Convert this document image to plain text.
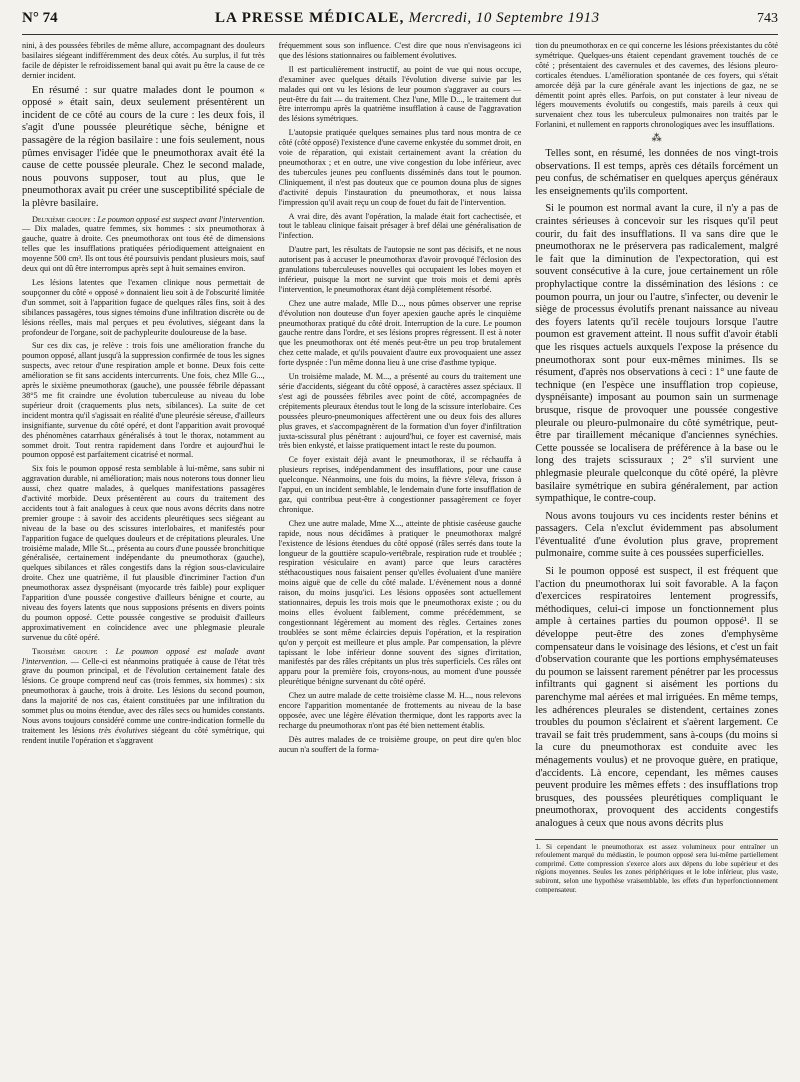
N° 74	LA PRESSE MÉDICALE, Mercredi, 10 Septembre 1913	743

nini, à des poussées fébriles de même allure, accompagnant des douleurs basilaires siégeant indifféremment des deux côtés. Au surplus, il fut très facile de dépister le refroidissement banal qui avait pu être la cause de ce dernier incident.

En résumé : sur quatre malades dont le poumon « opposé » était sain, deux seulement présentèrent un incident de ce côté au cours de la cure : les deux fois, il s'agit d'une poussée pleurétique sèche, bénigne et passagère de la région basilaire : une fois seulement, nous pûmes envisager l'idée que le pneumothorax avait été la cause de cette poussée pleurale. Chez le second malade, nous pouvons supposer, tout au plus, que le pneumothorax avait pu créer une susceptibilité spéciale de la plèvre basilaire.

Deuxième groupe : Le poumon opposé est suspect avant l'intervention. — Dix malades, quatre femmes, six hommes : six pneumothorax à gauche, quatre à droite. Ces pneumothorax ont tous été de dimensions telles que les insufflations pratiquées périodiquement atteignaient en moyenne 500 cm³. Ils ont tous été poursuivis pendant plusieurs mois, sauf deux qui ont dû être interrompus après sept à huit semaines environ.

Les lésions latentes que l'examen clinique nous permettait de soupçonner du côté « opposé » donnaient lieu soit à de l'obscurité limitée d'un sommet, soit à l'apparition fugace de quelques râles fins, soit à des sibilances passagères, tous signes témoins d'une infiltration discrète ou de lésions réelles, mais mal perçues et peu évolutives, siégeant dans la profondeur de l'organe, soit de pachypleurite douloureuse de la base.

Sur ces dix cas, je relève : trois fois une amélioration franche du poumon opposé, allant jusqu'à la suppression confirmée de tous les signes suspects, avec retour d'une respiration ample et bonne. Deux fois cette amélioration se fit sans accidents intercurrents. Une fois, chez Mlle G..., après le sixième pneumothorax (gauche), une poussée fébrile dépassant 38°5 me fit craindre une évolution tuberculeuse au niveau du lobe supérieur droit (craquements plus nets, sibilances). La suite de cet incident montra qu'il s'agissait en réalité d'une pleurésie séreuse, d'ailleurs insignifiante, survenue du côté opéré, et dont l'apparition avait provoqué des phénomènes catarrhaux généralisés à tout le thorax, notamment au sommet droit. Tout rentra rapidement dans l'ordre et aujourd'hui le poumon opposé est parfaitement cicatrisé et normal.

Six fois le poumon opposé resta semblable à lui-même, sans subir ni aggravation durable, ni amélioration; mais nous noterons tous donner lieu aussi, chez quatre malades, à quelques manifestations passagères d'activité morbide. Deux présentèrent au cours du traitement des accidents tout à fait analogues à ceux que nous avons décrits dans notre premier groupe : à savoir des accidents pleurétiques secs siégeant au niveau de la base ou des scissures interlobaires, et manifestés pour l'apparition fugace de quelques douleurs et de crépitations pleurales. Une troisième malade, Mlle St..., présenta au cours d'une poussée bronchitique généralisée, certainement indépendante du pneumothorax (gauche), quelques sibilances et râles congestifs dans la région sous-claviculaire droite. Chez une quatrième, il fut plausible d'incriminer l'action d'un pneumothorax assez dyspnéisant (myocarde très faible) pour expliquer l'apparition d'une poussée congestive d'ailleurs bénigne et courte, au niveau des foyers latents que nous supposions présents en divers points du poumon opposé. Cette poussée congestive se produisit d'ailleurs approximativement en coïncidence avec une phlegmasie pleurale survenue du côté opéré.

Troisième groupe : Le poumon opposé est malade avant l'intervention. — Celle-ci est néanmoins pratiquée à cause de l'état très grave du poumon principal, et de l'évolution certainement fatale des lésions. Ce groupe comprend neuf cas (trois femmes, six hommes) : six pneumothorax à gauche, trois à droite. Les lésions du second poumon, dans la majorité de nos cas, étaient constituées par une infiltration du sommet plus ou moins étendue, avec des râles secs ou humides constants. Nous avons toujours considéré comme une contre-indication formelle du traitement les lésions très évolutives siégeant du côté symétrique, qui rendent inutile l'opération et s'aggravent

fréquemment sous son influence. C'est dire que nous n'envisageons ici que des lésions stationnaires ou faiblement évolutives.

Il est particulièrement instructif, au point de vue qui nous occupe, d'examiner avec quelques détails l'évolution diverse suivie par les malades qui ont vu les lésions de leur poumon s'aggraver au cours — peut-être du fait — du traitement. Chez l'une, Mlle D..., le traitement dut être interrompu après la quatrième insufflation à cause de l'aggravation des lésions symétriques.

L'autopsie pratiquée quelques semaines plus tard nous montra de ce côté (côté opposé) l'existence d'une caverne enkystée du sommet droit, en voie de réparation, qui existait certainement avant la création du pneumothorax ; et en outre, une vive congestion du lobe inférieur, avec des tubercules jeunes peu confluents disséminés dans tout le poumon. Cliniquement, il n'est pas douteux que ce poumon douna plus de signes d'activité depuis l'instauration du pneumothorax, et nous laissa l'impression qu'il avait reçu un coup de fouet du fait de l'intervention.

A vrai dire, dès avant l'opération, la malade était fort cachectisée, et tout le tableau clinique faisait présager à bref délai une généralisation de l'infection.

D'autre part, les résultats de l'autopsie ne sont pas décisifs, et ne nous autorisent pas à accuser le pneumothorax d'avoir provoqué l'éclosion des granulations tuberculeuses nouvelles qui occupaient les lobes moyen et inférieur, puisque la mort ne survint que trois mois et demi après l'intervention, le pneumothorax étant déjà complètement résorbé.

Chez une autre malade, Mlle D..., nous pûmes observer une reprise d'évolution non douteuse d'un foyer apexien gauche après le cinquième pneumothorax pratiqué du côté droit. Interruption de la cure. Le poumon gauche rentre dans l'ordre, et ses lésions propres régressent. Il est à noter que les pneumothorax ont été menés peut-être un peu trop brutalement chez cette malade, et qu'ils pouvaient d'autre eux provoquaient une assez forte dyspnée : l'un même donna lieu à une crise d'asthme typique.

Un troisième malade, M. M..., a présenté au cours du traitement une série d'accidents, siégeant du côté opposé, à caractères assez spéciaux. Il s'est agi de poussées fébriles avec point de côté, accompagnées de crépitements pleuraux étendus tout le long de la scissure interlobaire. Ces poussées pleuro-pneumoniques affectèrent une ou deux fois des allures plus graves, et s'accompagnèrent de la formation d'un foyer d'infiltration juxta-scissural plus pénétrant : aujourd'hui, ce foyer est cavernisé, mais très bien enkysté, et laisse pratiquement intact le reste du poumon.

Ce foyer existait déjà avant le pneumothorax, il se réchauffa à plusieurs reprises, indépendamment des insufflations, pour une cause quelconque. Néanmoins, une fois du moins, la fièvre s'éleva, frisson à l'appui, en un incident semblable, le lendemain d'une forte insufflation de gaz, qui contribua peut-être à congestionner passagèrement ce foyer chronique.

Chez une autre malade, Mme X..., atteinte de phtisie caséeuse gauche rapide, nous nous décidâmes à pratiquer le pneumothorax malgré l'existence de lésions étendues du côté opposé (râles serrés dans toute la longueur de la gouttière scapulo-vertébrale, respiration rude et troublée ; respiration vésiculaire en avant) parce que leurs caractères stéthacoustiques nous faisaient penser qu'elles évoluaient d'une manière moins aiguë que de celle du côté malade. L'évènement nous a donné raison, du moins jusqu'ici. Les lésions opposées sont actuellement stationnaires, depuis les trois mois que le pneumothorax existe ; ou du moins elles évoluent faiblement, comme précédemment, se congestionnant légèrement au moment des règles. Certaines zones troublées se sont même éclaircies depuis l'opération, et la respiration qu'on y perçoit est meilleure et plus ample. Par compensation, la plèvre tapissant le lobe inférieur donne souvent des signes d'irritation, manifestés par des râles crépitants un plus très superficiels. Ces râles ont apparu pour la première fois, croyons-nous, au moment d'une poussée pleurétique bénigne survenant du côté opéré.

Chez un autre malade de cette troisième classe M. H..., nous relevons encore l'apparition momentanée de frottements au niveau de la base opposée, avec une légère élévation thermique, dont les rapports avec la recharge du pneumothorax n'ont pas été bien nettement établis.

Dès autres malades de ce troisième groupe, on peut dire qu'en bloc aucun n'a souffert de la forma-

tion du pneumothorax en ce qui concerne les lésions préexistantes du côté symétrique. Quelques-uns étaient cependant gravement touchés de ce côté ; présentaient des cavernules et des cavernes, des lésions pleuro-corticales étendues. L'amélioration spontanée de ces foyers, qui s'était amorcée déjà par la cure générale avant les injections de gaz, ne se démentit point après elles. Parfois, on put constater à leur niveau de légers mouvements évolutifs ou congestifs, mais pareils à ceux qui survenaient chez tous les tuberculeux pulmonaires non traités par le Forlanini, et nullement en rapports chronologiques avec les insufflations.

⁂

Telles sont, en résumé, les données de nos vingt-trois observations. Il est temps, après ces détails forcément un peu confus, de schématiser en quelques aperçus généraux les enseignements qu'ils comportent.

Si le poumon est normal avant la cure, il n'y a pas de craintes sérieuses à concevoir sur les risques qu'il peut courir, du fait des insufflations. Il va sans dire que le pneumothorax ne le préservera pas radicalement, malgré le fait que la diminution de l'expectoration, qui est souvent consécutive à la cure, joue certainement un rôle prophylactique contre la dissémination des lésions : ce poumon pourra, un jour ou l'autre, s'infecter, ou devenir le siège de processus évolutifs prenant naissance au niveau des foyers latents qu'il recèle toujours lorsque l'autre poumon est gravement atteint. Il nous suffit d'avoir établi que les risques actuels auxquels l'expose la présence du pneumothorax sont pour eux-mêmes minimes. Ils se résument, d'après nos observations à ceci : 1° une faute de technique (en l'espèce une insufflation trop copieuse, dyspnéisante) imposant au poumon sain un surmenage brusque, risque de provoquer une poussée congestive pleurale ou pleuro-pulmonaire du côté symétrique, peut-être par tiraillement mécanique d'anciennes synéchies. Cette poussée se localisera de préférence à la base ou le long des trajets scissuraux ; 2° s'il survient une phlegmasie pleurale quelconque du côté opéré, la plèvre basilaire symétrique en subira généralement, par action sympathique, le contre-coup.

Nous avons toujours vu ces incidents rester bénins et passagers. Cela n'exclut évidemment pas absolument l'éventualité d'une évolution plus grave, proprement pulmonaire, comme suite à ces poussées superficielles.

Si le poumon opposé est suspect, il est fréquent que l'action du pneumothorax lui soit favorable. A la façon d'exercices respiratoires lentement progressifs, méthodiques, celui-ci impose un fonctionnement plus ample à certaines parties du poumon opposé¹. Il se développe peut-être des zones d'emphysème compensateur dans le voisinage des lésions, et c'est un fait d'observation courante que les portions emphysémateuses du poumon se laissent rarement pénétrer par les processus infiltrants qui gagnent si aisément les portions du parenchyme mal aérées et mal irriguées. En même temps, les adhérences pleurales se distendent, certaines zones troubles du poumon s'éclairent et s'aèrent largement. Ce travail se fait très prudemment, sans à-coups (du moins si la cure du pneumothorax est conduite avec les ménagements voulus) et ne provoque guère, en pratique, d'accidents. Là encore, cependant, les mêmes causes peuvent produire les mêmes effets : des insufflations trop brusques, des poussées pleurétiques compliquant le pneumothorax, provoquent des accidents congestifs analogues à ceux que nous avons décrits plus

1. Si cependant le pneumothorax est assez volumineux pour entraîner un refoulement marqué du médiastin, le poumon opposé sera lui-même partiellement comprimé. Cette compression s'exerce alors aux dépens du lobe supérieur et des régions moyennes. Seules les zones périphériques et le lobe inférieur, plus vaste, subiront, selon une hypothèse vraisemblable, les effets d'un hyperfonctionnement compensateur.
